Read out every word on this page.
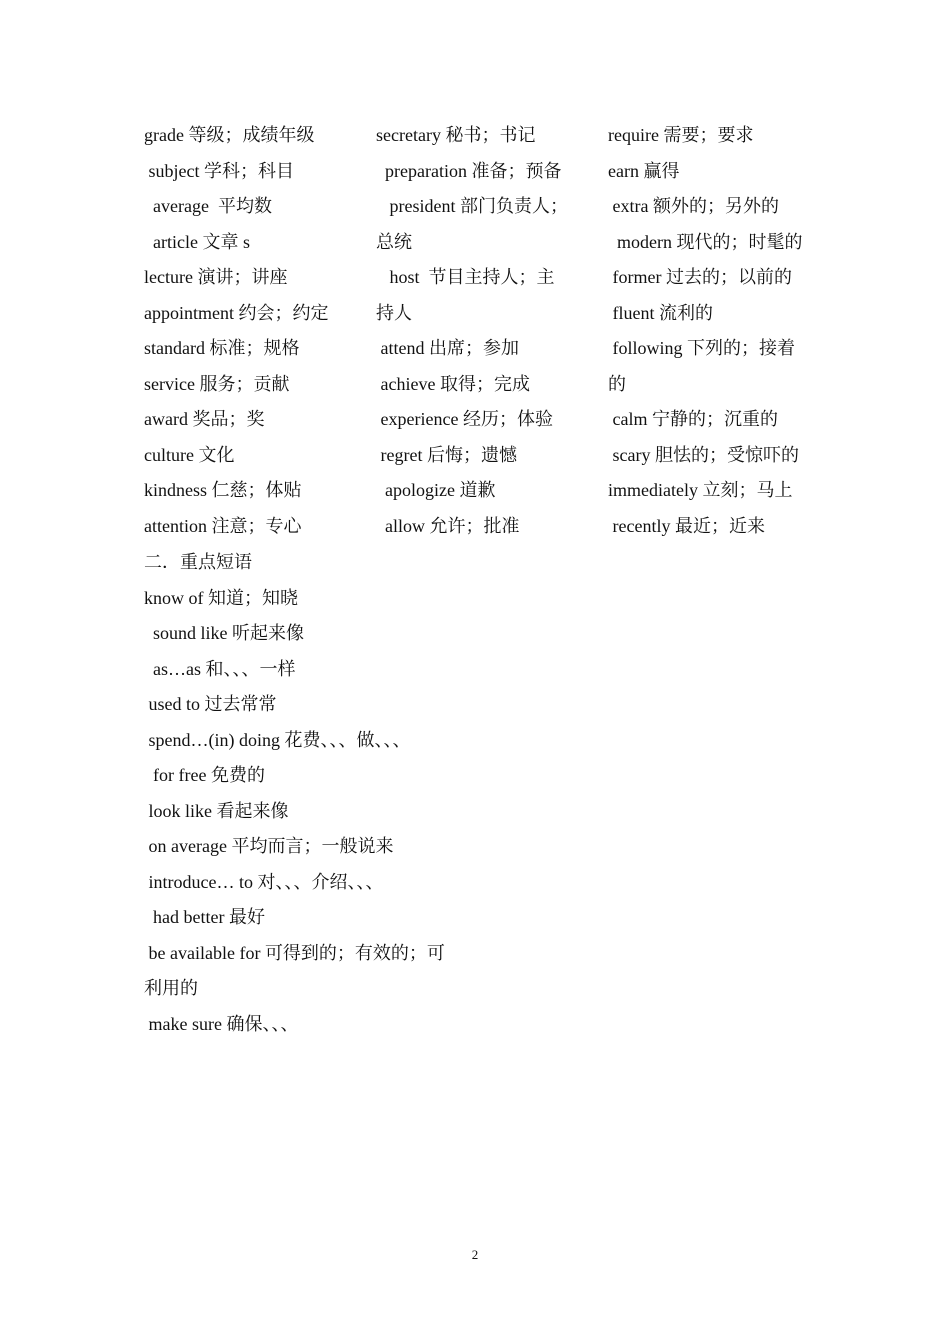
grade 等级；成绩年级
subject 学科；科目
average  平均数
article 文章 s
lecture 演讲；讲座
appointment 约会；约定
standard 标准；规格
service 服务；贡献
award 奖品；奖
culture 文化
kindness 仁慈；体贴
attention 注意；专心
secretary 秘书；书记
preparation 准备；预备
president 部门负责人；
总统
host  节目主持人；主
持人
attend 出席；参加
achieve 取得；完成
experience 经历；体验
regret 后悔；遗憾
apologize 道歉
allow 允许；批准
require 需要；要求
earn 赢得
extra 额外的；另外的
modern 现代的；时髦的
former 过去的；以前的
fluent 流利的
following 下列的；接着
的
calm 宁静的；沉重的
scary 胆怯的；受惊吓的
immediately 立刻；马上
recently 最近；近来
二．重点短语
know of 知道；知晓
sound like 听起来像
as…as 和、、、一样
used to 过去常常
spend…(in) doing 花费、、、做、、、
for free 免费的
look like 看起来像
on average 平均而言；一般说来
introduce… to 对、、、介绍、、、
had better 最好
be available for 可得到的；有效的；可
利用的
make sure 确保、、、
2
